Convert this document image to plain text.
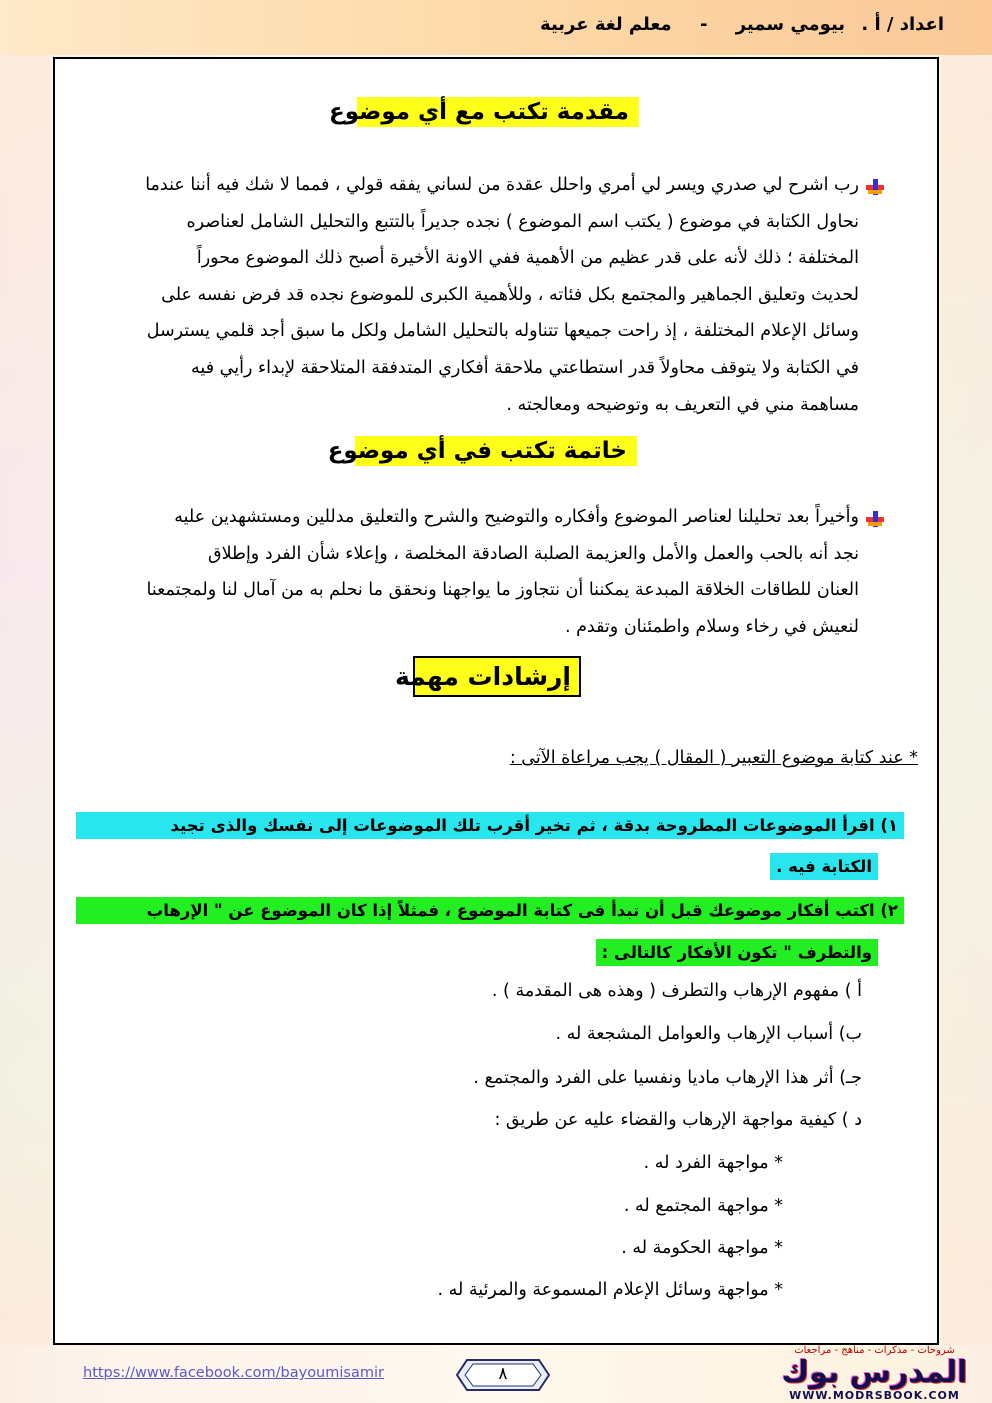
اعداد / أ . بيومي سمير - معلم لغة عربية
مقدمة تكتب مع أي موضوع
رب اشرح لي صدري ويسر لي أمري واحلل عقدة من لساني يفقه قولي ، فمما لا شك فيه أننا عندما
نحاول الكتابة في موضوع ( يكتب اسم الموضوع ) نجده جديراً بالتتبع والتحليل الشامل لعناصره
المختلفة ؛ ذلك لأنه على قدر عظيم من الأهمية ففي الاونة الأخيرة أصبح ذلك الموضوع محوراً
لحديث وتعليق الجماهير والمجتمع بكل فئاته ، وللأهمية الكبرى للموضوع نجده قد فرض نفسه على
وسائل الإعلام المختلفة ، إذ راحت جميعها تتناوله بالتحليل الشامل ولكل ما سبق أجد قلمي يسترسل
في الكتابة ولا يتوقف محاولاً قدر استطاعتي ملاحقة أفكاري المتدفقة المتلاحقة لإبداء رأيي فيه
مساهمة مني في التعريف به وتوضيحه ومعالجته .
خاتمة تكتب في أي موضوع
وأخيراً بعد تحليلنا لعناصر الموضوع وأفكاره والتوضيح والشرح والتعليق مدللين ومستشهدين عليه
نجد أنه بالحب والعمل والأمل والعزيمة الصلبة الصادقة المخلصة ، وإعلاء شأن الفرد وإطلاق
العنان للطاقات الخلاقة المبدعة يمكننا أن نتجاوز ما يواجهنا ونحقق ما نحلم به من آمال لنا ولمجتمعنا
لنعيش في رخاء وسلام واطمئنان وتقدم .
إرشادات مهمة
* عند كتابة موضوع التعبير ( المقال ) يجب مراعاة الآتى :
١) اقرأ الموضوعات المطروحة بدقة ، ثم تخير أقرب تلك الموضوعات إلى نفسك والذى تجيد
الكتابة فيه .
٢) اكتب أفكار موضوعك قبل أن تبدأ فى كتابة الموضوع ، فمثلاً إذا كان الموضوع عن " الإرهاب
والتطرف " تكون الأفكار كالتالى :
أ ) مفهوم الإرهاب والتطرف ( وهذه هى المقدمة ) .
ب) أسباب الإرهاب والعوامل المشجعة له .
جـ) أثر هذا الإرهاب ماديا ونفسيا على الفرد والمجتمع .
د ) كيفية مواجهة الإرهاب والقضاء عليه عن طريق :
* مواجهة الفرد له .
* مواجهة المجتمع له .
* مواجهة الحكومة له .
* مواجهة وسائل الإعلام المسموعة والمرئية له .
https://www.facebook.com/bayoumisamir	٨
شروحات - مذكرات - مناهج - مراجعات
المدرس بوك
WWW.MODRSBOOK.COM
